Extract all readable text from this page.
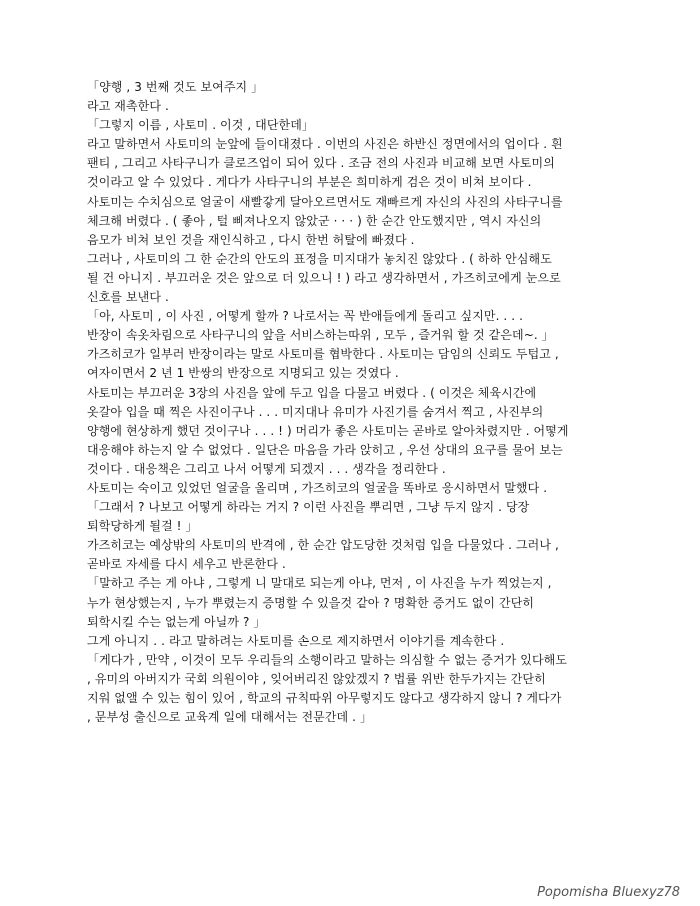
「양행 , 3 번째 것도 보여주지 」
라고 재촉한다 .
「그렇지 이름 , 사토미 . 이것 , 대단한데」
라고 말하면서 사토미의 눈앞에 들이대졌다 . 이번의 사진은 하반신 정면에서의 업이다 . 흰
팬티 , 그리고 사타구니가 클로즈업이 되어 있다 . 조금 전의 사진과 비교해 보면 사토미의
것이라고 알 수 있었다 . 게다가 사타구니의 부분은 희미하게 검은 것이 비쳐 보이다 .
사토미는 수치심으로 얼굴이 새빨갛게 달아오르면서도 재빠르게 자신의 사진의 사타구니를
체크해 버렸다 . ( 좋아 , 털 삐져나오지 않았군 · · · ) 한 순간 안도했지만 , 역시 자신의
음모가 비쳐 보인 것을 재인식하고 , 다시 한번 허탈에 빠졌다 .
그러나 , 사토미의 그 한 순간의 안도의 표정을 미지대가 놓치진 않았다 . ( 하하 안심해도
될 건 아니지 . 부끄러운 것은 앞으로 더 있으니 ! ) 라고 생각하면서 , 가즈히코에게 눈으로
신호를 보낸다 .
「아, 사토미 , 이 사진 , 어떻게 할까 ? 나로서는 꼭 반애들에게 돌리고 싶지만. . . .
반장이 속옷차림으로 사타구니의 앞을 서비스하는따위 , 모두 , 즐거워 할 것 같은데~. 」
가즈히코가 일부러 반장이라는 말로 사토미를 협박한다 . 사토미는 담임의 신뢰도 두텁고 ,
여자이면서 2 년 1 반쌍의 반장으로 지명되고 있는 것였다 .
사토미는 부끄러운 3장의 사진을 앞에 두고 입을 다물고 버렸다 . ( 이것은 체육시간에
옷갈아 입을 때 찍은 사진이구나 . . . 미지대나 유미가 사진기를 숨겨서 찍고 , 사진부의
양행에 현상하게 했던 것이구나 . . . ! ) 머리가 좋은 사토미는 곧바로 알아차렸지만 . 어떻게
대응해야 하는지 알 수 없었다 . 일단은 마음을 가라 앉히고 , 우선 상대의 요구를 물어 보는
것이다 . 대응책은 그리고 나서 어떻게 되겠지 . . . 생각을 정리한다 .
사토미는 숙이고 있었던 얼굴을 올리며 , 가즈히코의 얼굴을 똑바로 응시하면서 말했다 .
「그래서 ? 나보고 어떻게 하라는 거지 ? 이런 사진을 뿌리면 , 그냥 두지 않지 . 당장
퇴학당하게 될걸 ! 」
가즈히코는 예상밖의 사토미의 반격에 , 한 순간 압도당한 것처럼 입을 다물었다 . 그러나 ,
곧바로 자세를 다시 세우고 반론한다 .
「말하고 주는 게 아냐 , 그렇게 니 말대로 되는게 아냐, 먼저 , 이 사진을 누가 찍었는지 ,
누가 현상했는지 , 누가 뿌렸는지 증명할 수 있을것 같아 ? 명확한 증거도 없이 간단히
퇴학시킬 수는 없는게 아닐까 ? 」
그게 아니지 . . 라고 말하려는 사토미를 손으로 제지하면서 이야기를 계속한다 .
「게다가 , 만약 , 이것이 모두 우리들의 소행이라고 말하는 의심할 수 없는 증거가 있다해도
, 유미의 아버지가 국회 의원이야 , 잊어버리진 않았겠지 ? 법률 위반 한두가지는 간단히
지워 없앨 수 있는 힘이 있어 , 학교의 규칙따위 아무렇지도 않다고 생각하지 않니 ? 게다가
, 문부성 출신으로 교육계 일에 대해서는 전문간데 . 」
Popomisha Bluexyz78
